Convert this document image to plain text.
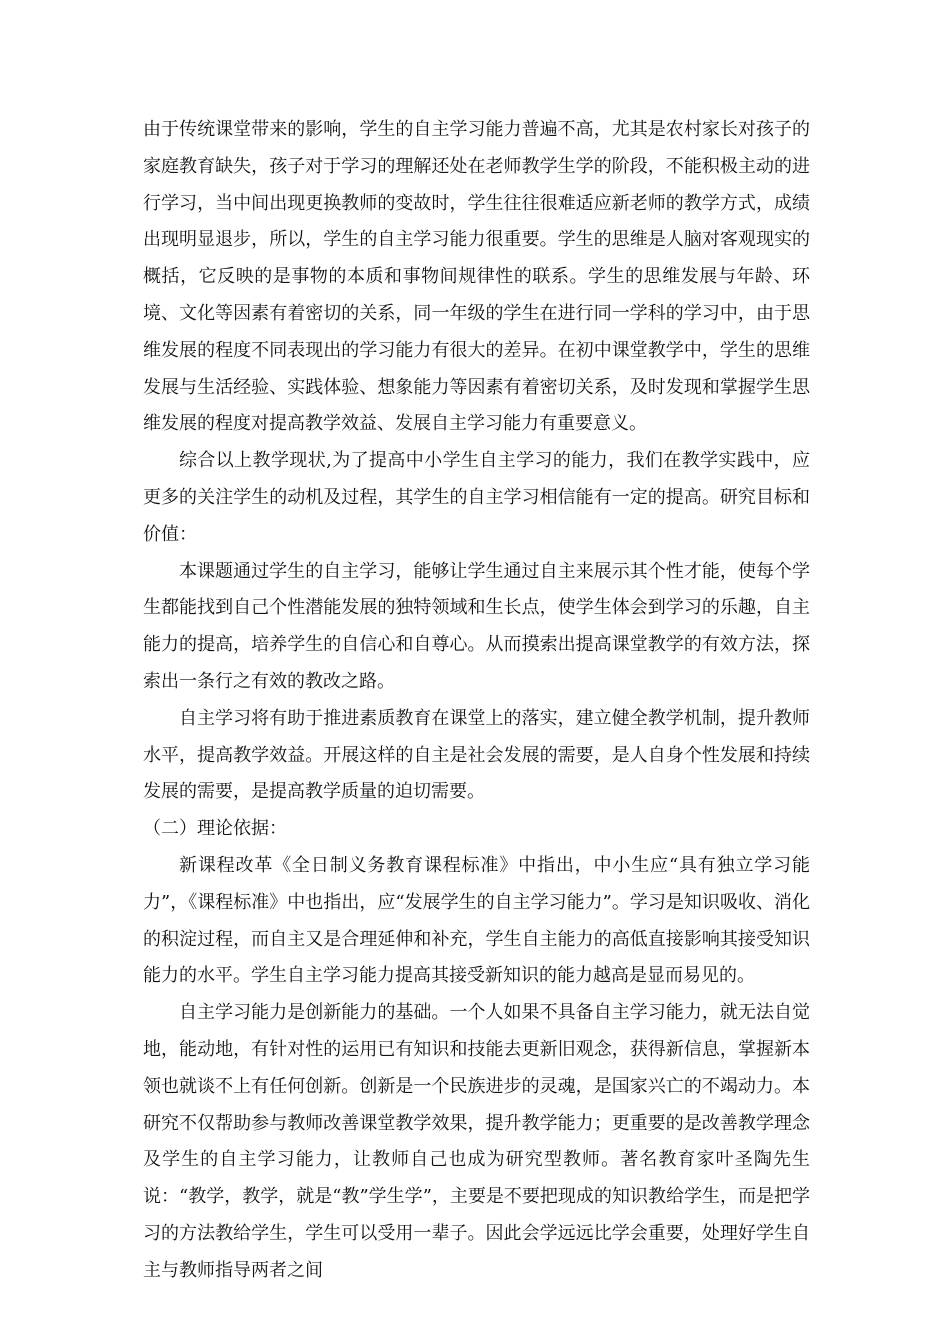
由于传统课堂带来的影响，学生的自主学习能力普遍不高，尤其是农村家长对孩子的家庭教育缺失，孩子对于学习的理解还处在老师教学生学的阶段，不能积极主动的进行学习，当中间出现更换教师的变故时，学生往往很难适应新老师的教学方式，成绩出现明显退步，所以，学生的自主学习能力很重要。学生的思维是人脑对客观现实的概括，它反映的是事物的本质和事物间规律性的联系。学生的思维发展与年龄、环境、文化等因素有着密切的关系，同一年级的学生在进行同一学科的学习中，由于思维发展的程度不同表现出的学习能力有很大的差异。在初中课堂教学中，学生的思维发展与生活经验、实践体验、想象能力等因素有着密切关系，及时发现和掌握学生思维发展的程度对提高教学效益、发展自主学习能力有重要意义。

综合以上教学现状,为了提高中小学生自主学习的能力，我们在教学实践中，应更多的关注学生的动机及过程，其学生的自主学习相信能有一定的提高。研究目标和价值：

本课题通过学生的自主学习，能够让学生通过自主来展示其个性才能，使每个学生都能找到自己个性潜能发展的独特领域和生长点，使学生体会到学习的乐趣，自主能力的提高，培养学生的自信心和自尊心。从而摸索出提高课堂教学的有效方法，探索出一条行之有效的教改之路。

自主学习将有助于推进素质教育在课堂上的落实，建立健全教学机制，提升教师水平，提高教学效益。开展这样的自主是社会发展的需要，是人自身个性发展和持续发展的需要，是提高教学质量的迫切需要。

（二）理论依据：

新课程改革《全日制义务教育课程标准》中指出，中小生应“具有独立学习能力”，《课程标准》中也指出，应“发展学生的自主学习能力”。学习是知识吸收、消化的积淀过程，而自主又是合理延伸和补充，学生自主能力的高低直接影响其接受知识能力的水平。学生自主学习能力提高其接受新知识的能力越高是显而易见的。

自主学习能力是创新能力的基础。一个人如果不具备自主学习能力，就无法自觉地，能动地，有针对性的运用已有知识和技能去更新旧观念，获得新信息，掌握新本领也就谈不上有任何创新。创新是一个民族进步的灵魂，是国家兴亡的不竭动力。本研究不仅帮助参与教师改善课堂教学效果，提升教学能力；更重要的是改善教学理念及学生的自主学习能力，让教师自己也成为研究型教师。著名教育家叶圣陶先生说：“教学，教学，就是“教”学生学”，主要是不要把现成的知识教给学生，而是把学习的方法教给学生，学生可以受用一辈子。因此会学远远比学会重要，处理好学生自主与教师指导两者之间
